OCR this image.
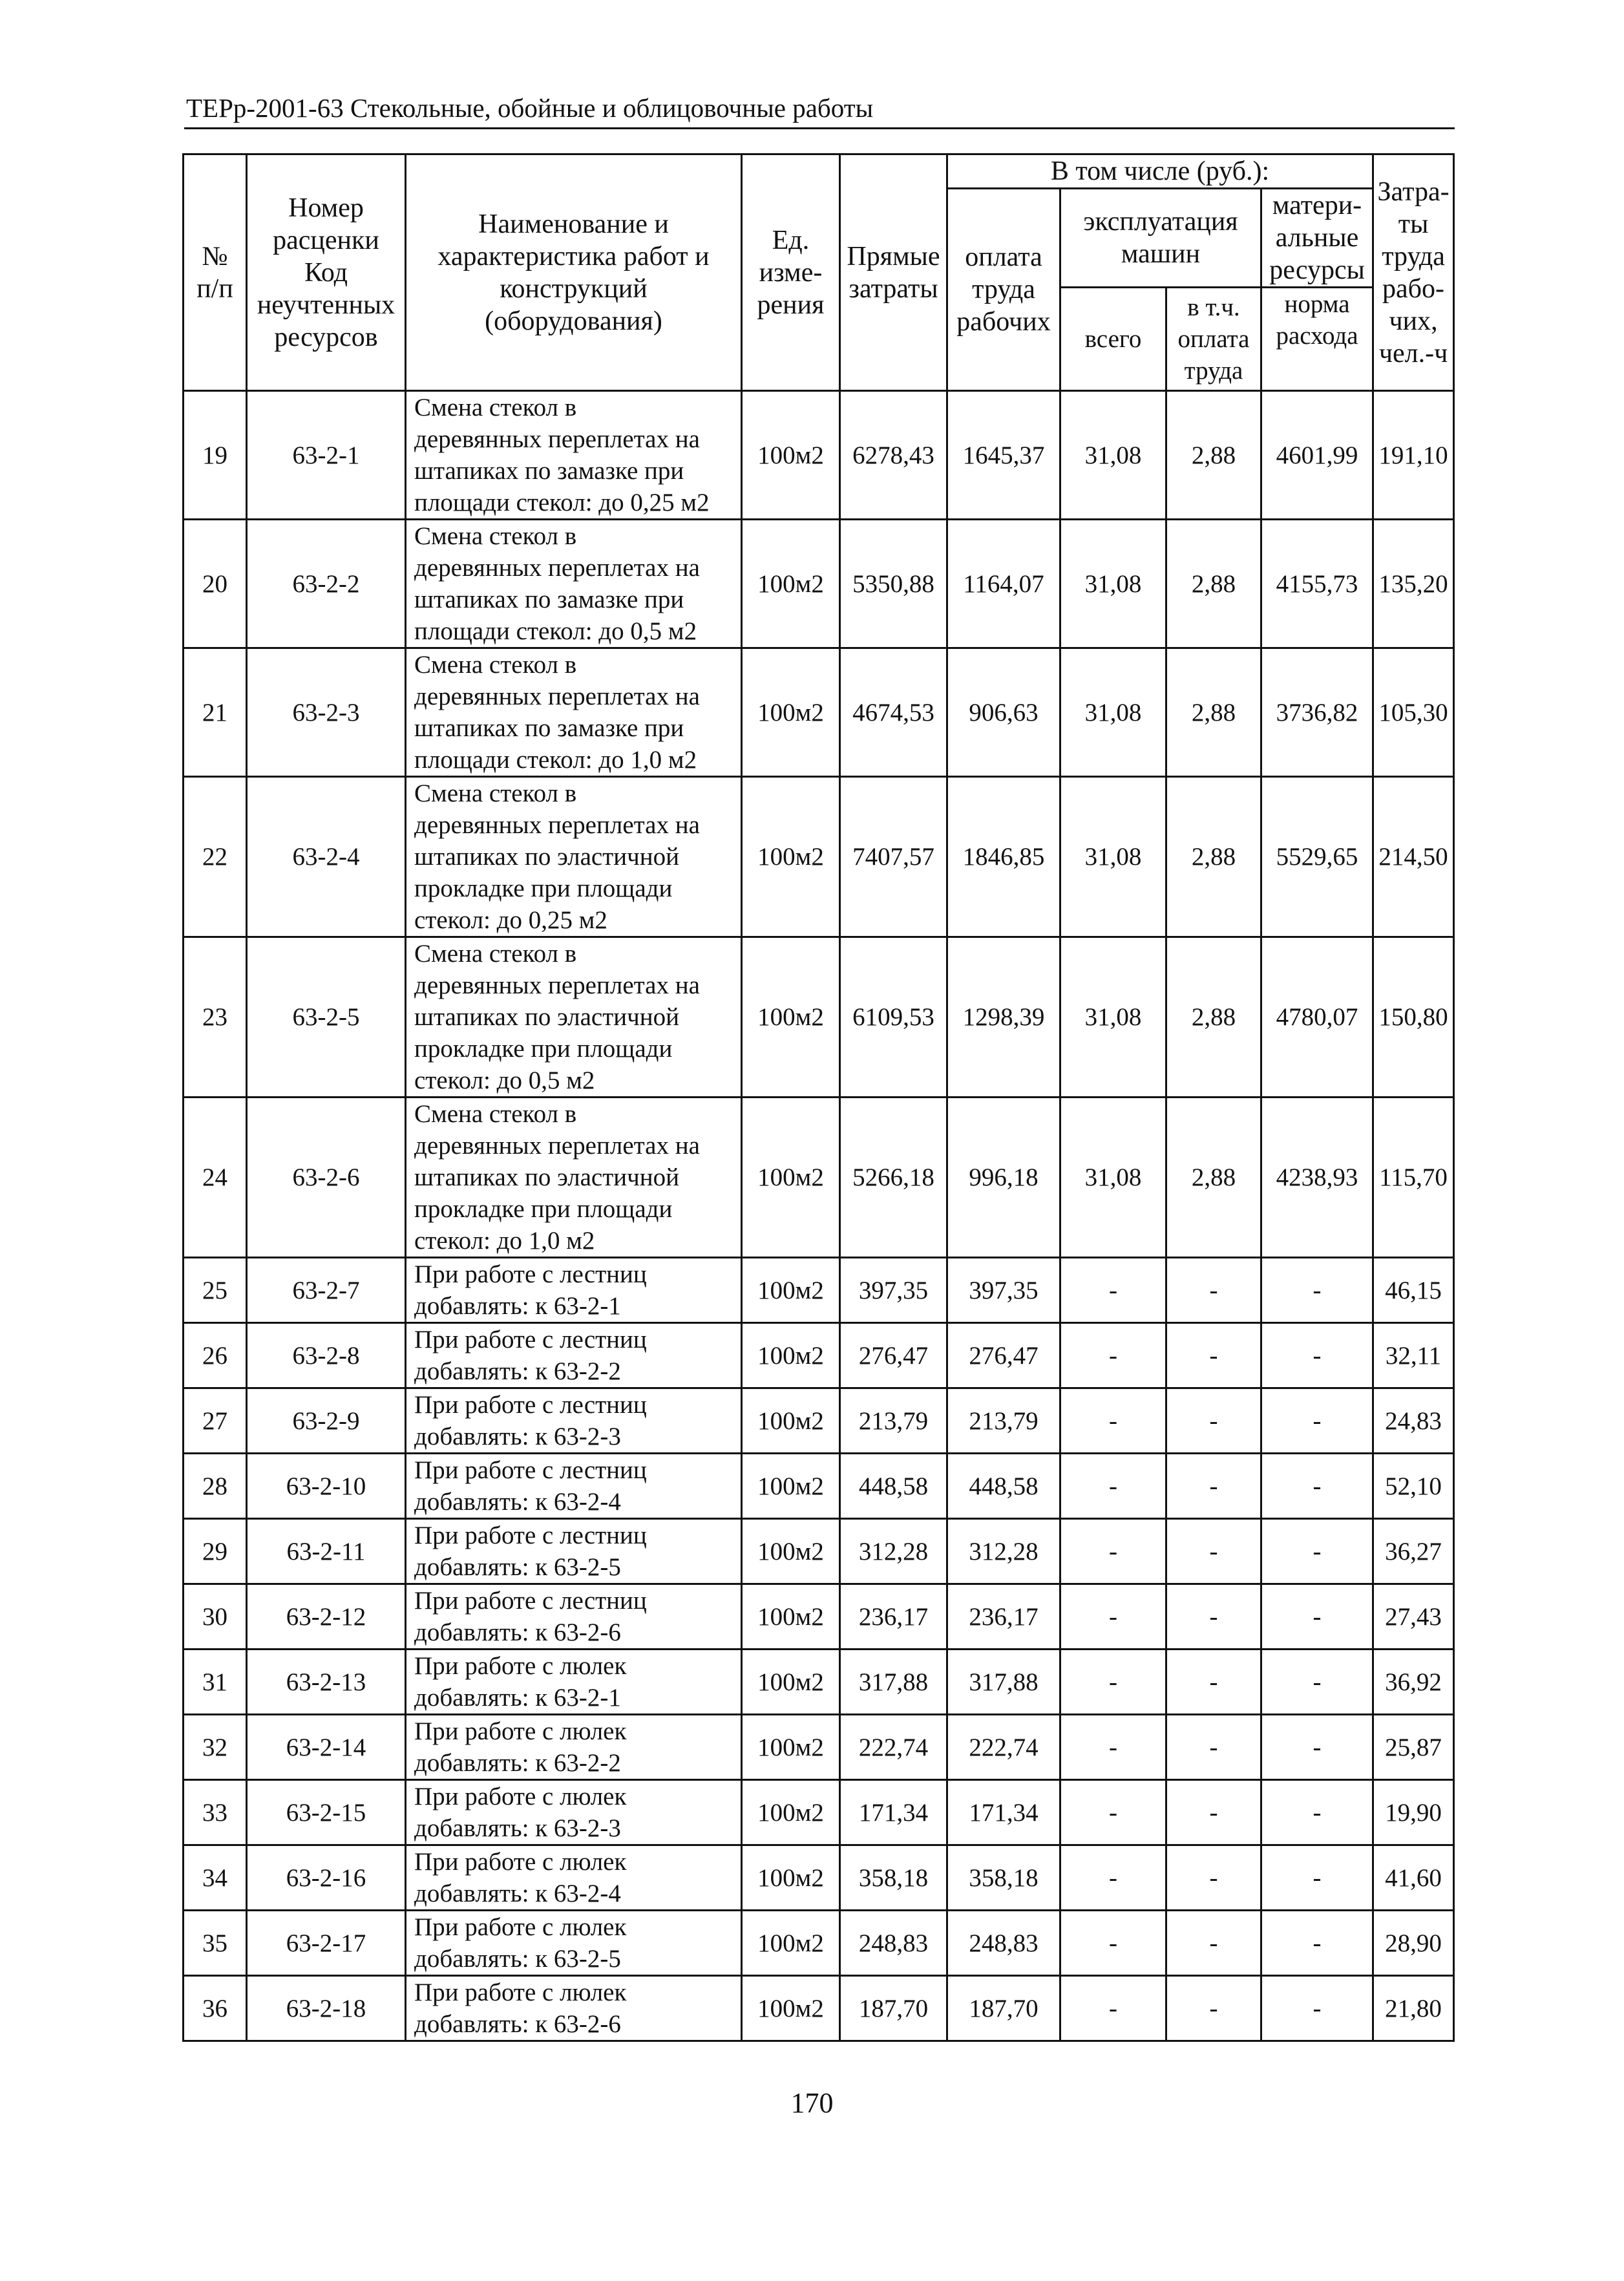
ТЕРр-2001-63 Стекольные, обойные и облицовочные работы
№ п/п	Номер расценки Код неучтенных ресурсов	Наименование и характеристика работ и конструкций (оборудования)	Ед. изме-рения	Прямые затраты	В том числе (руб.):				Затра-ты труда рабо-чих, чел.-ч
					оплата труда рабочих	эксплуатация машин		матери-альные ресурсы	
						всего	в т.ч. оплата труда	норма расхода	
19	63-2-1	Смена стекол в
деревянных переплетах на
штапиках по замазке при
площади стекол: до 0,25 м2	100м2	6278,43	1645,37	31,08	2,88	4601,99	191,10
20	63-2-2	Смена стекол в
деревянных переплетах на
штапиках по замазке при
площади стекол: до 0,5 м2	100м2	5350,88	1164,07	31,08	2,88	4155,73	135,20
21	63-2-3	Смена стекол в
деревянных переплетах на
штапиках по замазке при
площади стекол: до 1,0 м2	100м2	4674,53	906,63	31,08	2,88	3736,82	105,30
22	63-2-4	Смена стекол в
деревянных переплетах на
штапиках по эластичной
прокладке при площади
стекол: до 0,25 м2	100м2	7407,57	1846,85	31,08	2,88	5529,65	214,50
23	63-2-5	Смена стекол в
деревянных переплетах на
штапиках по эластичной
прокладке при площади
стекол: до 0,5 м2	100м2	6109,53	1298,39	31,08	2,88	4780,07	150,80
24	63-2-6	Смена стекол в
деревянных переплетах на
штапиках по эластичной
прокладке при площади
стекол: до 1,0 м2	100м2	5266,18	996,18	31,08	2,88	4238,93	115,70
25	63-2-7	При работе с лестниц
добавлять: к 63-2-1	100м2	397,35	397,35	-	-	-	46,15
26	63-2-8	При работе с лестниц
добавлять: к 63-2-2	100м2	276,47	276,47	-	-	-	32,11
27	63-2-9	При работе с лестниц
добавлять: к 63-2-3	100м2	213,79	213,79	-	-	-	24,83
28	63-2-10	При работе с лестниц
добавлять: к 63-2-4	100м2	448,58	448,58	-	-	-	52,10
29	63-2-11	При работе с лестниц
добавлять: к 63-2-5	100м2	312,28	312,28	-	-	-	36,27
30	63-2-12	При работе с лестниц
добавлять: к 63-2-6	100м2	236,17	236,17	-	-	-	27,43
31	63-2-13	При работе с люлек
добавлять: к 63-2-1	100м2	317,88	317,88	-	-	-	36,92
32	63-2-14	При работе с люлек
добавлять: к 63-2-2	100м2	222,74	222,74	-	-	-	25,87
33	63-2-15	При работе с люлек
добавлять: к 63-2-3	100м2	171,34	171,34	-	-	-	19,90
34	63-2-16	При работе с люлек
добавлять: к 63-2-4	100м2	358,18	358,18	-	-	-	41,60
35	63-2-17	При работе с люлек
добавлять: к 63-2-5	100м2	248,83	248,83	-	-	-	28,90
36	63-2-18	При работе с люлек
добавлять: к 63-2-6	100м2	187,70	187,70	-	-	-	21,80
170
